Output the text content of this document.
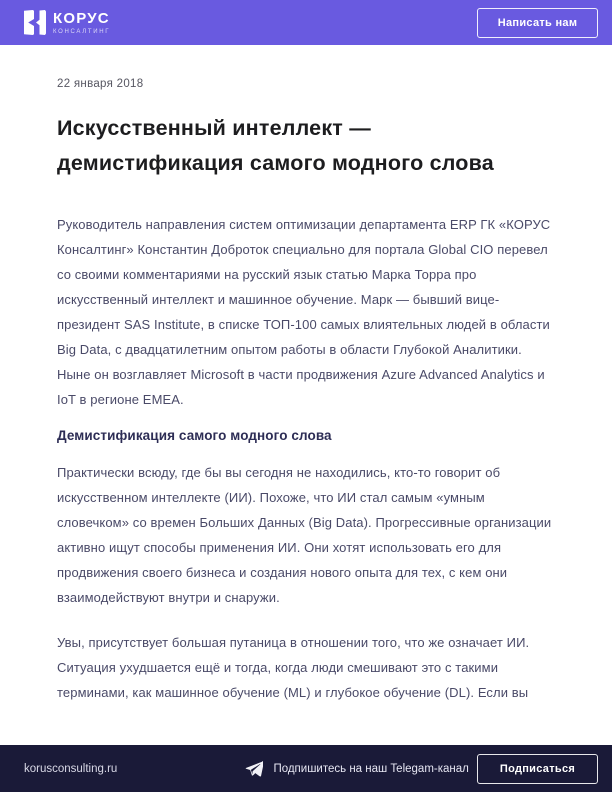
КОРУС
КОНСАЛТИНГ
Написать нам
22 января 2018
Искусственный интеллект — демистификация самого модного слова

Руководитель направления систем оптимизации департамента ERP ГК «КОРУС Консалтинг» Константин Доброток специально для портала Global CIO перевел со своими комментариями на русский язык статью Марка Торра про искусственный интеллект и машинное обучение. Марк — бывший вице-президент SAS Institute, в списке ТОП-100 самых влиятельных людей в области Big Data, с двадцатилетним опытом работы в области Глубокой Аналитики. Ныне он возглавляет Microsoft в части продвижения Azure Advanced Analytics и IoT в регионе EMEA.

Демистификация самого модного слова

Практически всюду, где бы вы сегодня не находились, кто-то говорит об искусственном интеллекте (ИИ). Похоже, что ИИ стал самым «умным словечком» со времен Больших Данных (Big Data). Прогрессивные организации активно ищут способы применения ИИ. Они хотят использовать его для продвижения своего бизнеса и создания нового опыта для тех, с кем они взаимодействуют внутри и снаружи.

Увы, присутствует большая путаница в отношении того, что же означает ИИ. Ситуация ухудшается ещё и тогда, когда люди смешивают это с такими терминами, как машинное обучение (ML) и глубокое обучение (DL). Если вы

korusconsulting.ru	Подпишитесь на наш Telegam-канал	Подписаться
